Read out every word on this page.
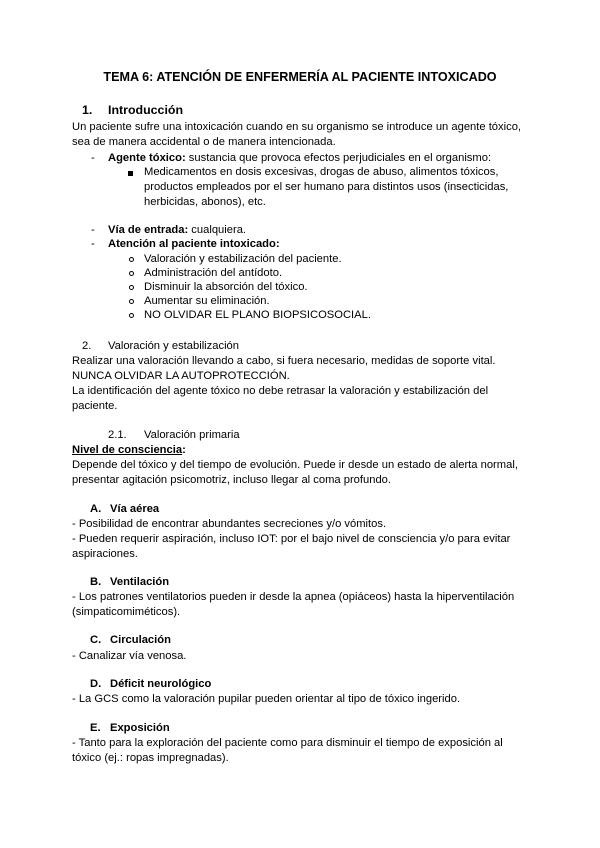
TEMA 6: ATENCIÓN DE ENFERMERÍA AL PACIENTE INTOXICADO
1. Introducción
Un paciente sufre una intoxicación cuando en su organismo se introduce un agente tóxico,
sea de manera accidental o de manera intencionada.
- Agente tóxico: sustancia que provoca efectos perjudiciales en el organismo:
Medicamentos en dosis excesivas, drogas de abuso, alimentos tóxicos,
productos empleados por el ser humano para distintos usos (insecticidas,
herbicidas, abonos), etc.
- Vía de entrada: cualquiera.
- Atención al paciente intoxicado:
Valoración y estabilización del paciente.
Administración del antídoto.
Disminuir la absorción del tóxico.
Aumentar su eliminación.
NO OLVIDAR EL PLANO BIOPSICOSOCIAL.
2. Valoración y estabilización
Realizar una valoración llevando a cabo, si fuera necesario, medidas de soporte vital.
NUNCA OLVIDAR LA AUTOPROTECCIÓN.
La identificación del agente tóxico no debe retrasar la valoración y estabilización del
paciente.
2.1. Valoración primaria
Nivel de consciencia:
Depende del tóxico y del tiempo de evolución. Puede ir desde un estado de alerta normal,
presentar agitación psicomotriz, incluso llegar al coma profundo.
A. Vía aérea
- Posibilidad de encontrar abundantes secreciones y/o vómitos.
- Pueden requerir aspiración, incluso IOT: por el bajo nivel de consciencia y/o para evitar
aspiraciones.
B. Ventilación
- Los patrones ventilatorios pueden ir desde la apnea (opiáceos) hasta la hiperventilación
(simpaticomiméticos).
C. Circulación
- Canalizar vía venosa.
D. Déficit neurológico
- La GCS como la valoración pupilar pueden orientar al tipo de tóxico ingerido.
E. Exposición
- Tanto para la exploración del paciente como para disminuir el tiempo de exposición al
tóxico (ej.: ropas impregnadas).
